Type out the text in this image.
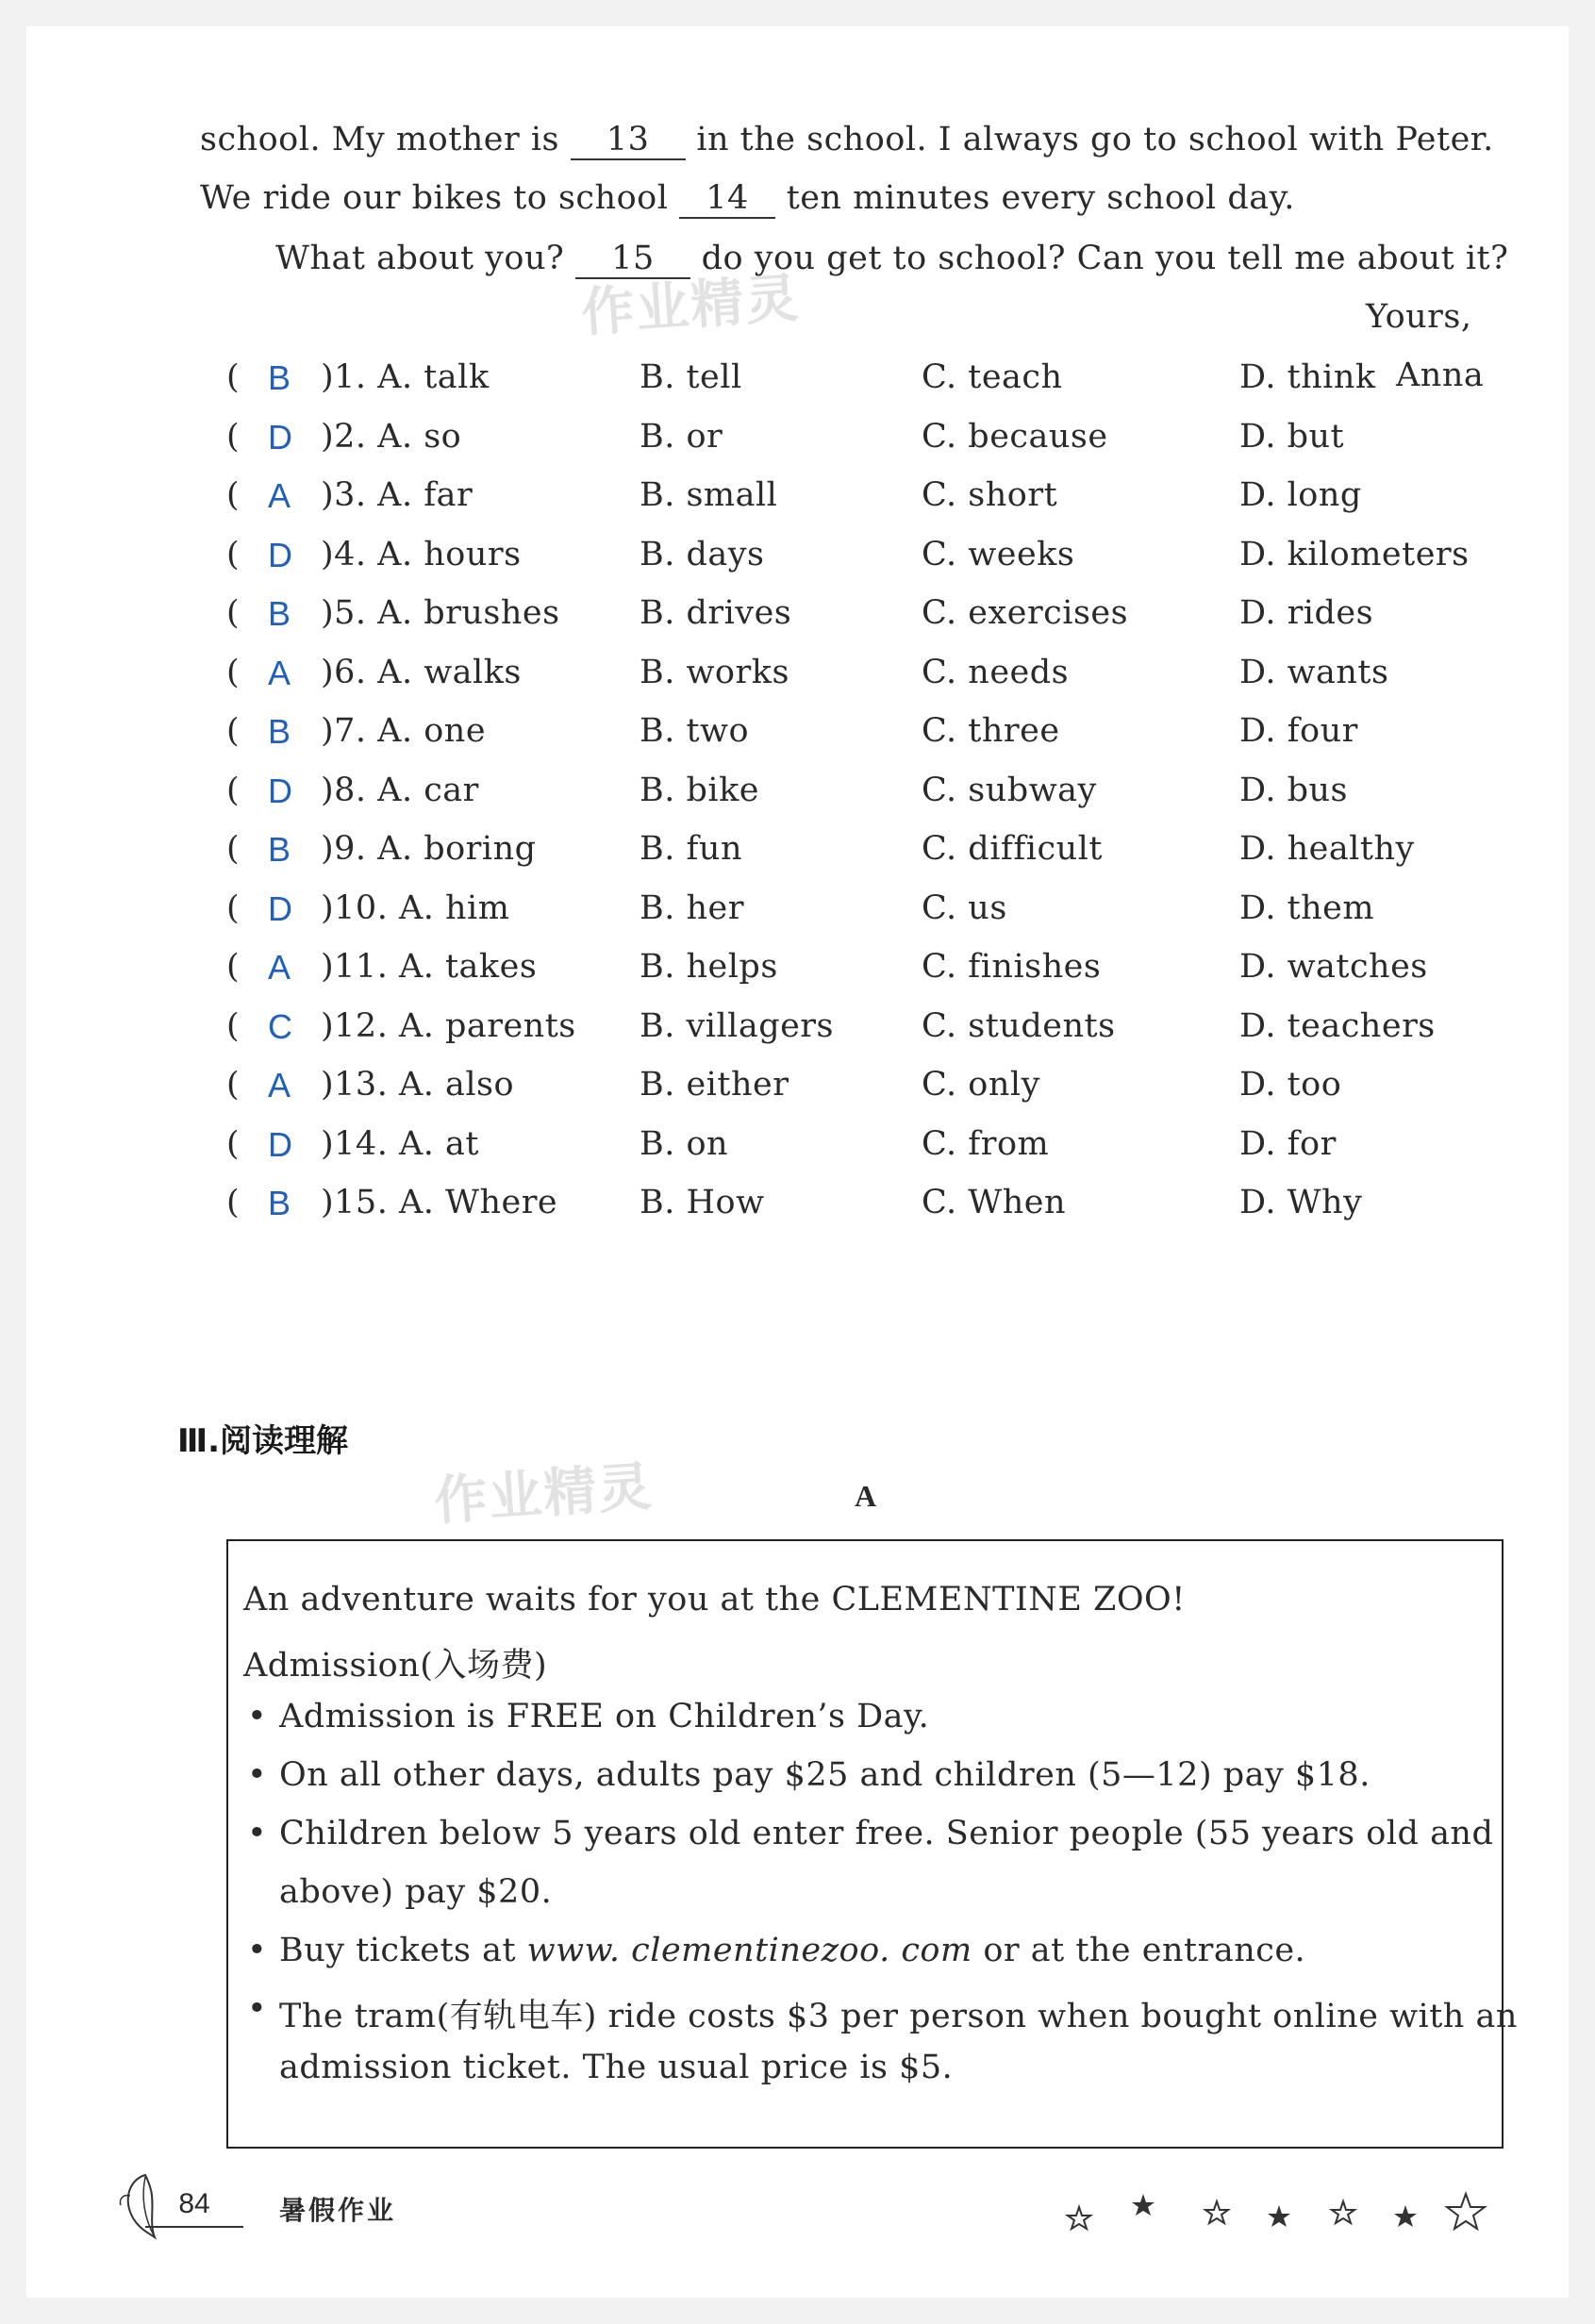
school. My mother is 13 in the school. I always go to school with Peter.
We ride our bikes to school 14 ten minutes every school day.
What about you? 15 do you get to school? Can you tell me about it?
Yours,
Anna
作业精灵
( B )1. A. talk	B. tell	C. teach	D. think
( D )2. A. so	B. or	C. because	D. but
( A )3. A. far	B. small	C. short	D. long
( D )4. A. hours	B. days	C. weeks	D. kilometers
( B )5. A. brushes B. drives	C. exercises	D. rides
( A )6. A. walks	B. works	C. needs	D. wants
( B )7. A. one	B. two	C. three	D. four
( D )8. A. car	B. bike	C. subway	D. bus
( B )9. A. boring	B. fun	C. difficult	D. healthy
( D )10. A. him	B. her	C. us	D. them
( A )11. A. takes	B. helps	C. finishes	D. watches
( C )12. A. parents B. villagers	C. students	D. teachers
( A )13. A. also	B. either	C. only	D. too
( D )14. A. at	B. on	C. from	D. for
( B )15. A. Where B. How	C. When	D. Why
Ⅲ.阅读理解
A
作业精灵
An adventure waits for you at the CLEMENTINE ZOO!
Admission(入场费)
• Admission is FREE on Children’s Day.
• On all other days, adults pay $25 and children (5—12) pay $18.
• Children below 5 years old enter free. Senior people (55 years old and
above) pay $20.
• Buy tickets at www. clementinezoo. com or at the entrance.
• The tram(有轨电车) ride costs $3 per person when bought online with an
admission ticket. The usual price is $5.
84	暑假作业
